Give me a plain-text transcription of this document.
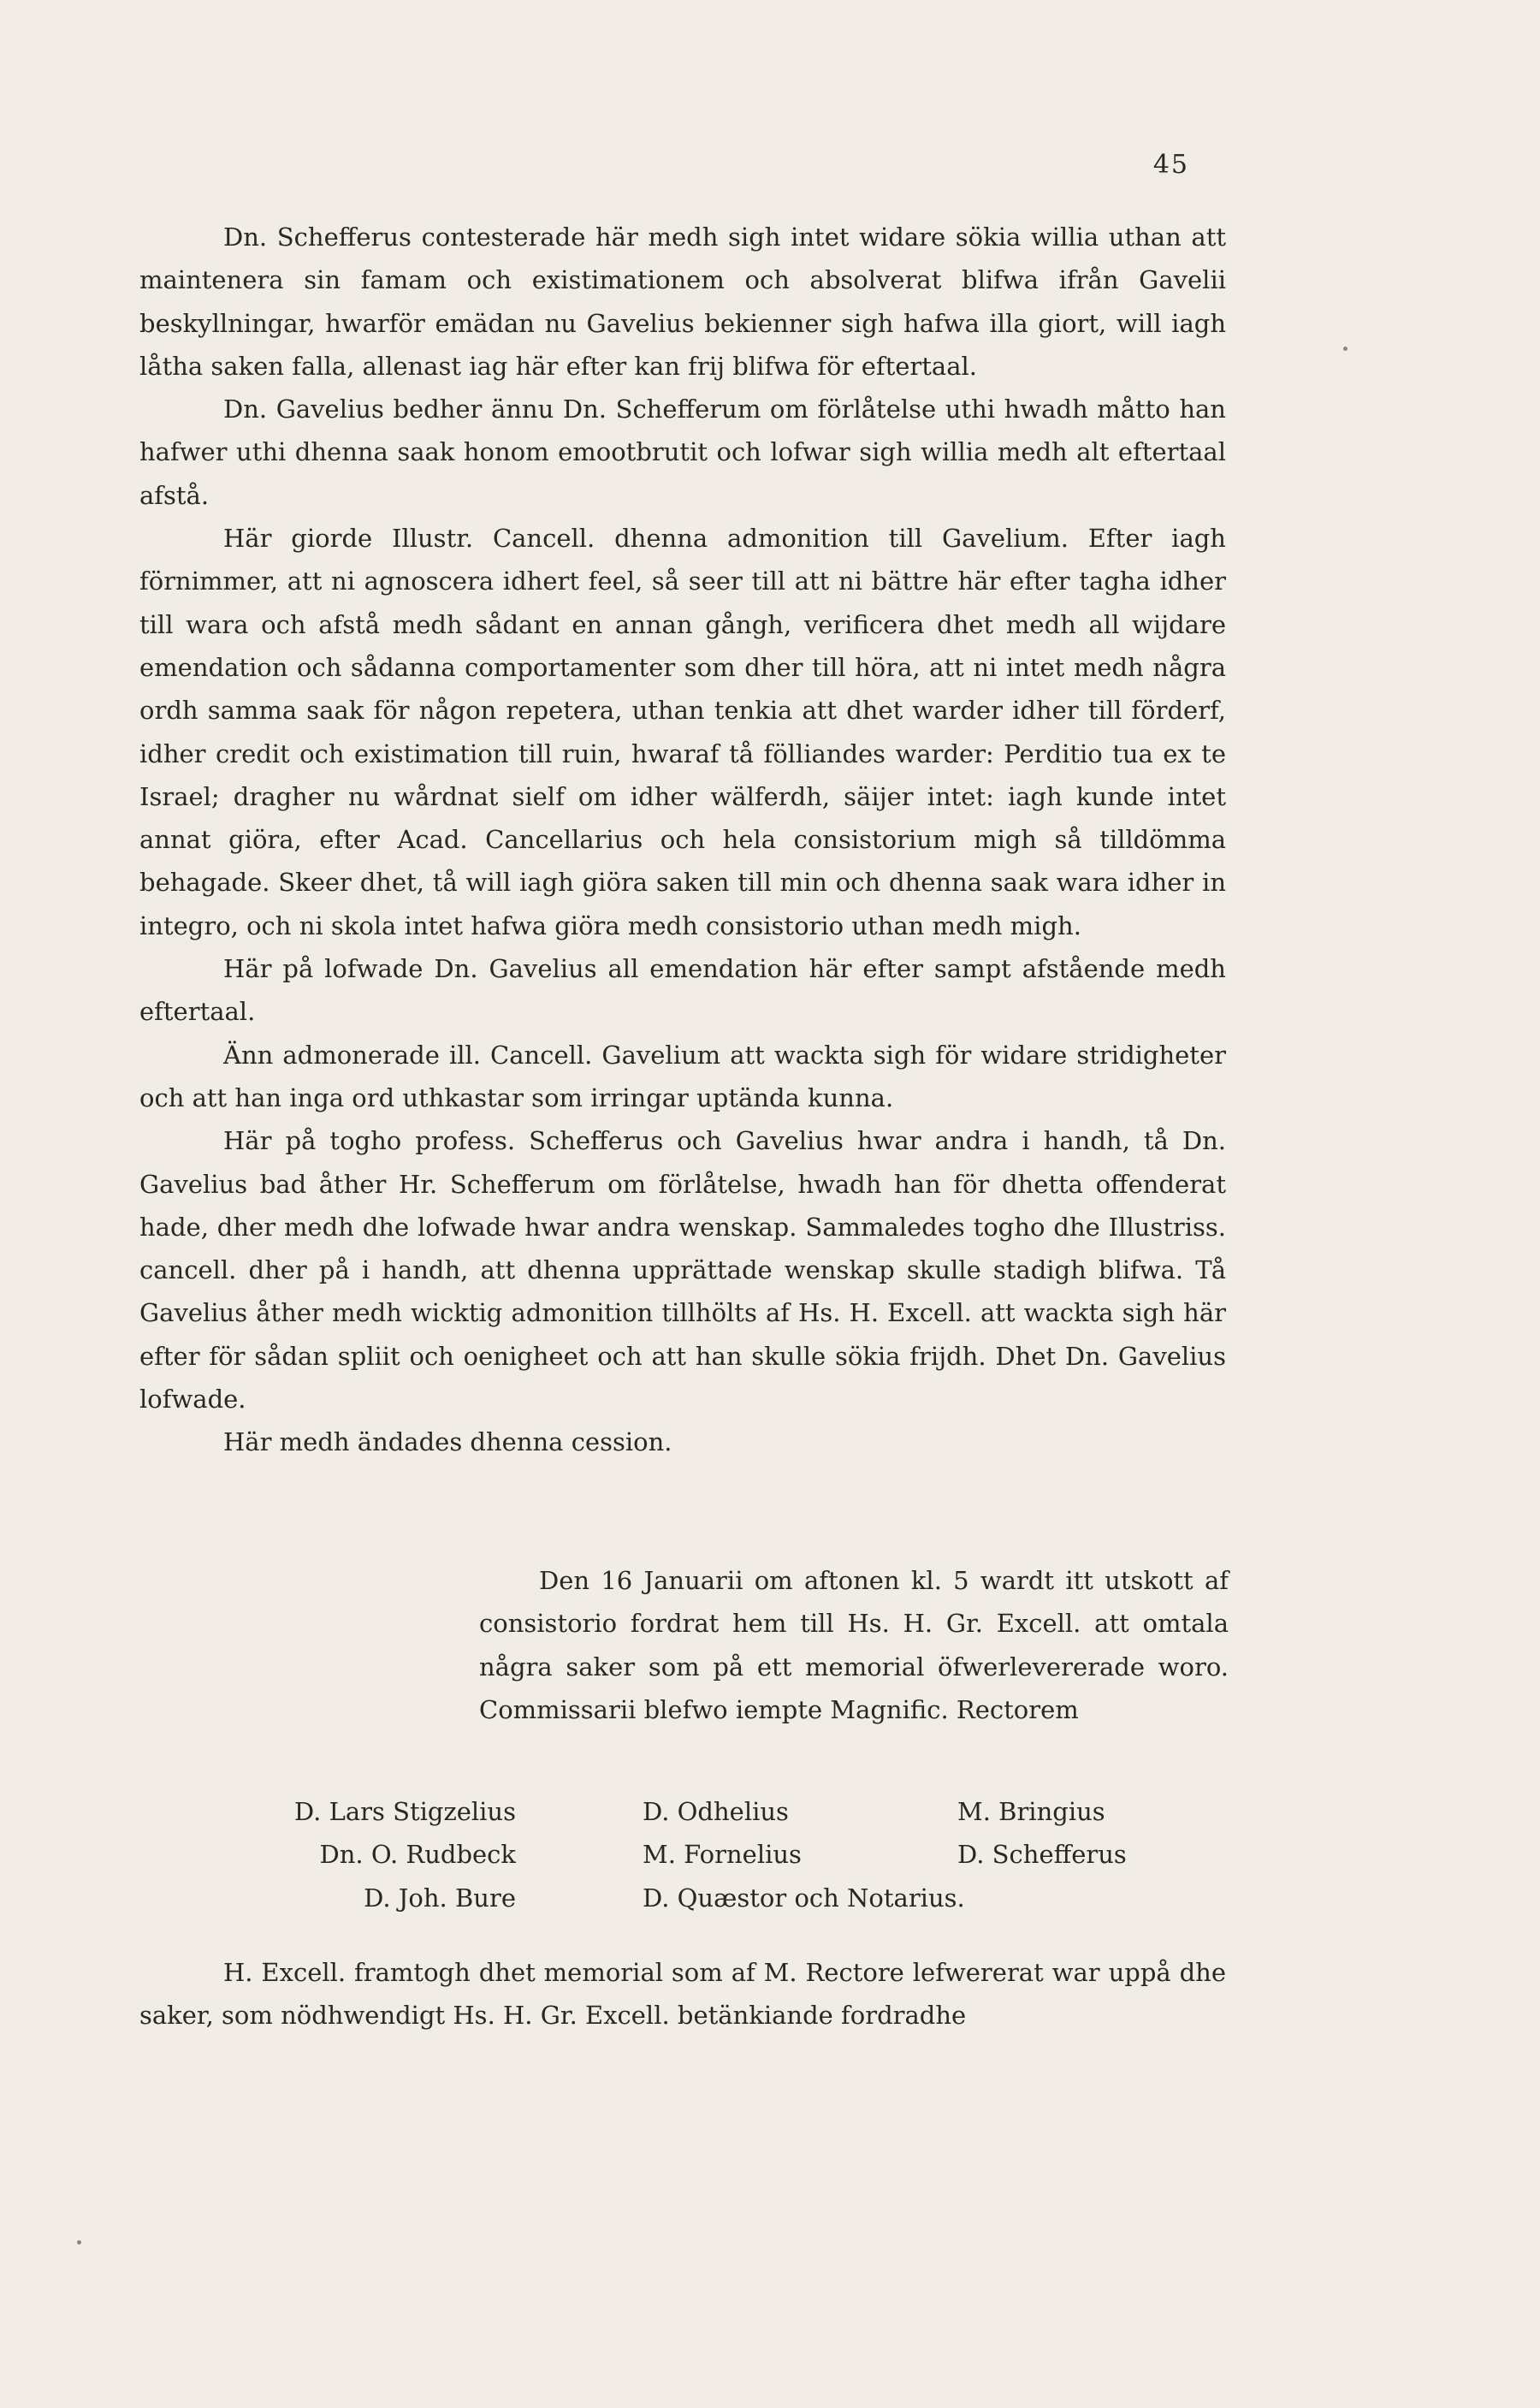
45

Dn. Schefferus contesterade här medh sigh intet widare sökia willia uthan att maintenera sin famam och existimationem och absolverat blifwa ifrån Gavelii beskyllningar, hwarför emädan nu Gavelius bekienner sigh hafwa illa giort, will iagh låtha saken falla, allenast iag här efter kan frij blifwa för eftertaal.

Dn. Gavelius bedher ännu Dn. Schefferum om förlåtelse uthi hwadh måtto han hafwer uthi dhenna saak honom emootbrutit och lofwar sigh willia medh alt eftertaal afstå.

Här giorde Illustr. Cancell. dhenna admonition till Gavelium. Efter iagh förnimmer, att ni agnoscera idhert feel, så seer till att ni bättre här efter tagha idher till wara och afstå medh sådant en annan gångh, verificera dhet medh all wijdare emendation och sådanna comportamenter som dher till höra, att ni intet medh några ordh samma saak för någon repetera, uthan tenkia att dhet warder idher till förderf, idher credit och existimation till ruin, hwaraf tå fölliandes warder: Perditio tua ex te Israel; dragher nu wårdnat sielf om idher wälferdh, säijer intet: iagh kunde intet annat giöra, efter Acad. Cancellarius och hela consistorium migh så tilldömma behagade. Skeer dhet, tå will iagh giöra saken till min och dhenna saak wara idher in integro, och ni skola intet hafwa giöra medh consistorio uthan medh migh.

Här på lofwade Dn. Gavelius all emendation här efter sampt afstående medh eftertaal.

Änn admonerade ill. Cancell. Gavelium att wackta sigh för widare stridigheter och att han inga ord uthkastar som irringar uptända kunna.

Här på togho profess. Schefferus och Gavelius hwar andra i handh, tå Dn. Gavelius bad åther Hr. Schefferum om förlåtelse, hwadh han för dhetta offenderat hade, dher medh dhe lofwade hwar andra wenskap. Sammaledes togho dhe Illustriss. cancell. dher på i handh, att dhenna upprättade wenskap skulle stadigh blifwa. Tå Gavelius åther medh wicktig admonition tillhölts af Hs. H. Excell. att wackta sigh här efter för sådan spliit och oenigheet och att han skulle sökia frijdh. Dhet Dn. Gavelius lofwade.

Här medh ändades dhenna cession.

Den 16 Januarii om aftonen kl. 5 wardt itt utskott af consistorio fordrat hem till Hs. H. Gr. Excell. att omtala några saker som på ett memorial öfwerlevererade woro. Commissarii blefwo iempte Magnific. Rectorem

D. Lars Stigzelius	D. Odhelius	M. Bringius
Dn. O. Rudbeck	M. Fornelius	D. Schefferus
D. Joh. Bure	D. Quæstor och Notarius.

H. Excell. framtogh dhet memorial som af M. Rectore lefwererat war uppå dhe saker, som nödhwendigt Hs. H. Gr. Excell. betänkiande fordradhe
